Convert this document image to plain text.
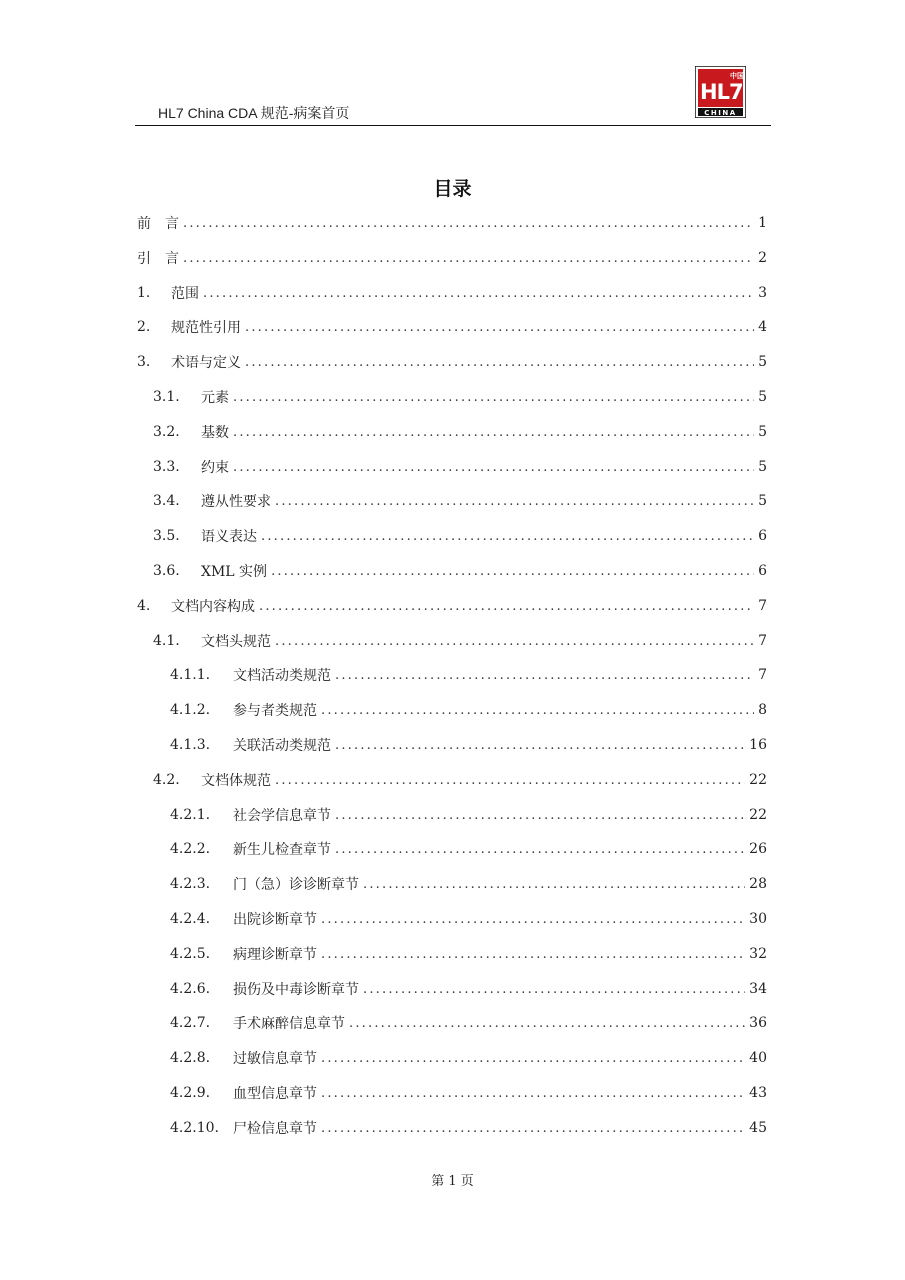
HL7 China CDA 规范-病案首页
HL7
中国
CHINA
目录
前　言 .....	1
引　言 .....	2
1.	范围 .....	3
2.	规范性引用 .....	4
3.	术语与定义 .....	5
3.1.	元素 .....	5
3.2.	基数 .....	5
3.3.	约束 .....	5
3.4.	遵从性要求 .....	5
3.5.	语义表达 .....	6
3.6.	XML 实例 .....	6
4.	文档内容构成 .....	7
4.1.	文档头规范 .....	7
4.1.1.	文档活动类规范 .....	7
4.1.2.	参与者类规范 .....	8
4.1.3.	关联活动类规范 .....	16
4.2.	文档体规范 .....	22
4.2.1.	社会学信息章节 .....	22
4.2.2.	新生儿检查章节 .....	26
4.2.3.	门（急）诊诊断章节 .....	28
4.2.4.	出院诊断章节 .....	30
4.2.5.	病理诊断章节 .....	32
4.2.6.	损伤及中毒诊断章节 .....	34
4.2.7.	手术麻醉信息章节 .....	36
4.2.8.	过敏信息章节 .....	40
4.2.9.	血型信息章节 .....	43
4.2.10.	尸检信息章节 .....	45
第 1 页
